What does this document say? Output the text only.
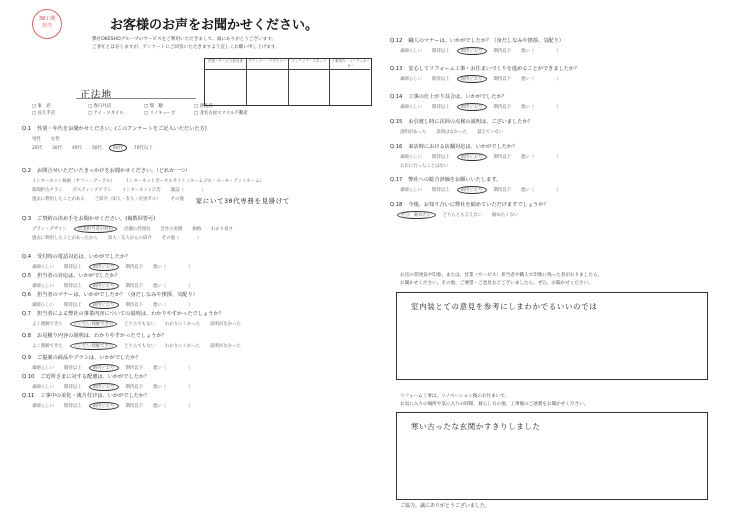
38工期
担当	お客様のお声をお聞かせください。
弊社OKESHOグループのサービスをご利用いただきまして、誠にありがとうございます。
ご多忙とは存じますが、アンケートにご回答いただきますよう宜しくお願い申し上げます。
営業・サービス担当者	プランナー・デザイナー	インテリア・スタッフ	工事担当・コーディネーター
正法地
□ 東　店	□ 春日井店	□ 瑞　穂	□ 津島店
□ 長久手店	□ アイ・スタイル	□ リノキューブ	□ 北名古屋スマイル不動産
Q.1 性別・年代をお聞かせください。(このアンケートをご記入いただいた方)
男性 女性
20代 30代 40代 50代	60代	70代以上
Q.2 お問合せいただいたきっかけをお聞かせください。（どれか一つ）
インターネット検索（ヤフー・グーグル） インターネットポータルサイト（ホームプロ・スーモ・アットホーム）
新聞折込チラシ ポスティングチラシ インターネット広告 雑誌（　　　　）
過去に利用したことがある ご紹介（知人・友人・長男ガス） その他 家にいて30代専務を見掛けて
Q.3 ご契約の決め手をお聞かせください。(複数回答可)
プラン・デザイン	営業担当者の対応	店舗の雰囲気 会社の実績 価格 わかり易さ
過去に利用したことがあったから 知人・友人からの紹介 その他（　　　　）
Q.4 受付時の電話対応は、いかがでしたか？
素晴らしい 期待以上	期待どおり	期待以下 悪い（　　　　　）
Q.5 担当者の対応は、いかがでしたか？
素晴らしい 期待以上	期待どおり	期待以下 悪い（　　　　　）
Q.6 担当者のマナーは、いかがでしたか？（身だしなみや挨拶、気配り）
素晴らしい 期待以上	期待どおり	期待以下 悪い（　　　　　）
Q.7 担当者による弊社の事業内容についての説明は、わかりやすかったでしょうか？
よく理解できた	だいたい理解できた	どちらでもない わかりにくかった 説明がなかった
Q.8 お見積り内容の説明は、わかりやすかったでしょうか？
よく理解できた	だいたい理解できた	どちらでもない わかりにくかった 説明がなかった
Q.9 ご提案の商品やプランは、いかがでしたか？
素晴らしい 期待以上	期待どおり	期待以下 悪い（　　　　　）
Q.10 ご近所さまに対する配慮は、いかがでしたか？
素晴らしい 期待以上	期待どおり	期待以下 悪い（　　　　　）
Q.11 工事中の美化・後片付けは、いかがでしたか？
素晴らしい 期待以上	期待どおり	期待以下 悪い（　　　　　）
Q.12 職人のマナーは、いかがでしたか？（身だしなみや挨拶、気配り）
素晴らしい 期待以上	期待どおり	期待以下 悪い（　　　　　）
Q.13 安心してリフォーム工事・お住まいづくりを進めることができましたか？
素晴らしい 期待以上	期待どおり	期待以下 悪い（　　　　　）
Q.14 工事の仕上がり具合は、いかがでしたか？
素晴らしい 期待以上	期待どおり	期待以下 悪い（　　　　　）
Q.15 お引渡し時に次回の点検の説明は、ございましたか？
説明があった 説明はなかった 覚えていない
Q.16 来店時における店舗対応は、いかがでしたか？
素晴らしい 期待以上	期待どおり	期待以下 悪い（　　　　　）
お店に行ったことはない
Q.17 弊社への総合評価をお願いいたします。
素晴らしい 期待以上	期待どおり	期待以下 悪い（　　　　　）
Q.18 今後、お知り合いに弊社を勧めていただけますでしょうか？
ぜひ、勧めたい	どちらとも言えない 勧めたくない
お店の雰囲気や印象、または、営業（サービス）担当者や職人で印象に残った者がおりましたら、
お聞かせください。その他、ご要望・ご意見などございましたら、ぜひ、お聞かせください。
室内装とての意見を参考にしまわかでるいいのでは
リフォーム工事は、リノベーション後のお住まいで、
お気に入りの場所や気に入りの時間、暮らし方の他、工事後のご感想をお聞かせください。
寒い古ったな玄関かすきりしました
ご協力、誠にありがとうございました。
